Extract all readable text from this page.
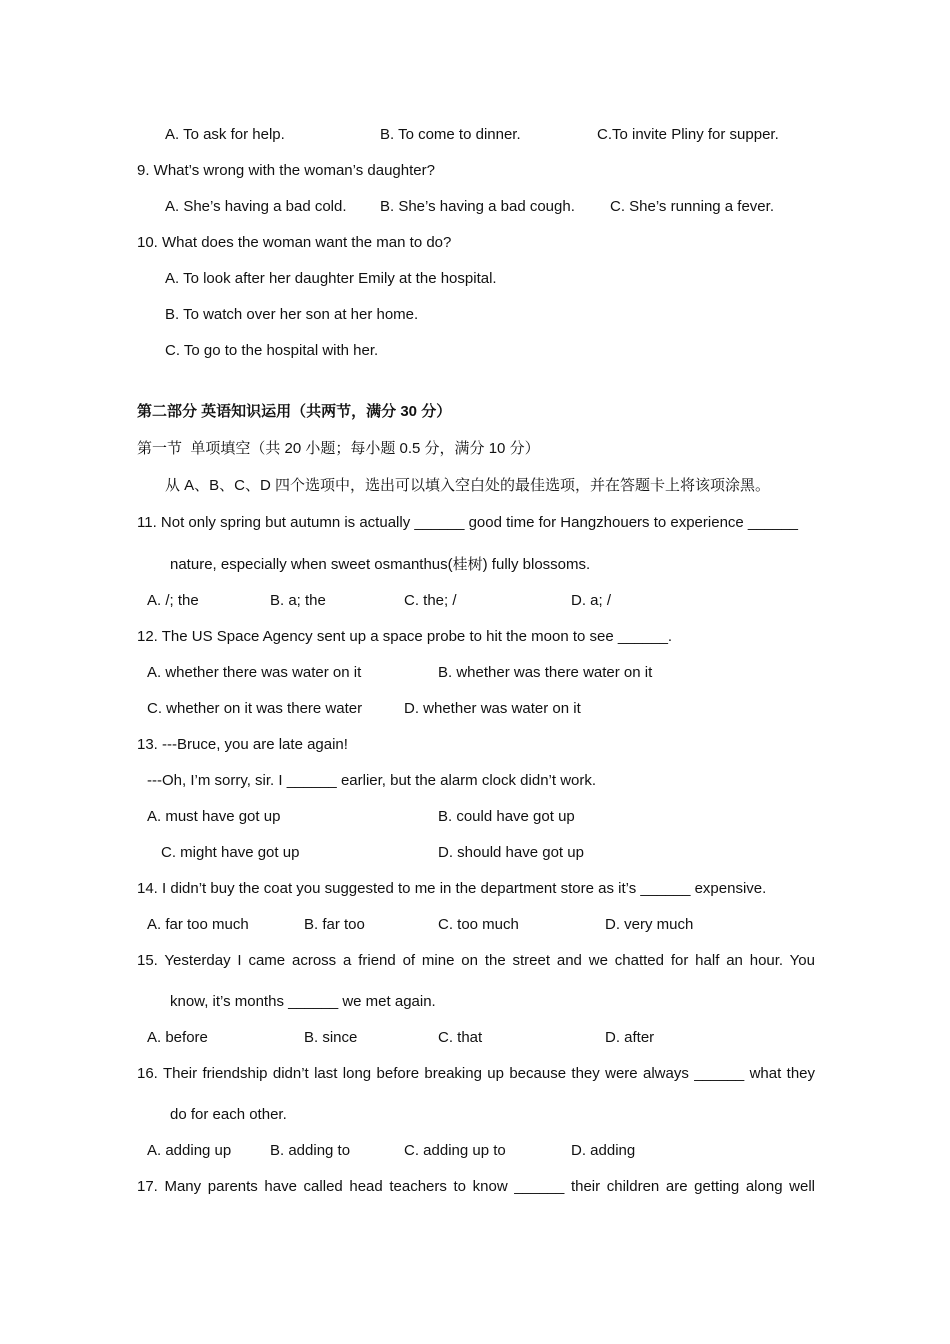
A. To ask for help.	B. To come to dinner.	C.To invite Pliny for supper.
9. What’s wrong with the woman’s daughter?
A. She’s having a bad cold. B. She’s having a bad cough. C. She’s running a fever.
10. What does the woman want the man to do?
A. To look after her daughter Emily at the hospital.
B. To watch over her son at her home.
C. To go to the hospital with her.
第二部分 英语知识运用（共两节，满分 30 分）
第一节  单项填空（共 20 小题；每小题 0.5 分，满分 10 分）
从 A、B、C、D 四个选项中，选出可以填入空白处的最佳选项，并在答题卡上将该项涂黑。
11. Not only spring but autumn is actually ______ good time for Hangzhouers to experience ______
nature, especially when sweet osmanthus(桂树) fully blossoms.
A. /; the	B. a; the	C. the; /	D. a; /
12. The US Space Agency sent up a space probe to hit the moon to see ______.
A. whether there was water on it	B. whether was there water on it
C. whether on it was there water	D. whether was water on it
13. ---Bruce, you are late again!
---Oh, I’m sorry, sir. I ______ earlier, but the alarm clock didn’t work.
A. must have got up	B. could have got up
C. might have got up	D. should have got up
14. I didn’t buy the coat you suggested to me in the department store as it’s ______ expensive.
A. far too much	B. far too	C. too much	D. very much
15. Yesterday I came across a friend of mine on the street and we chatted for half an hour. You
know, it’s months ______ we met again.
A. before	B. since	C. that	D. after
16. Their friendship didn’t last long before breaking up because they were always ______ what they
do for each other.
A. adding up	B. adding to	C. adding up to	D. adding
17. Many parents have called head teachers to know ______ their children are getting along well
